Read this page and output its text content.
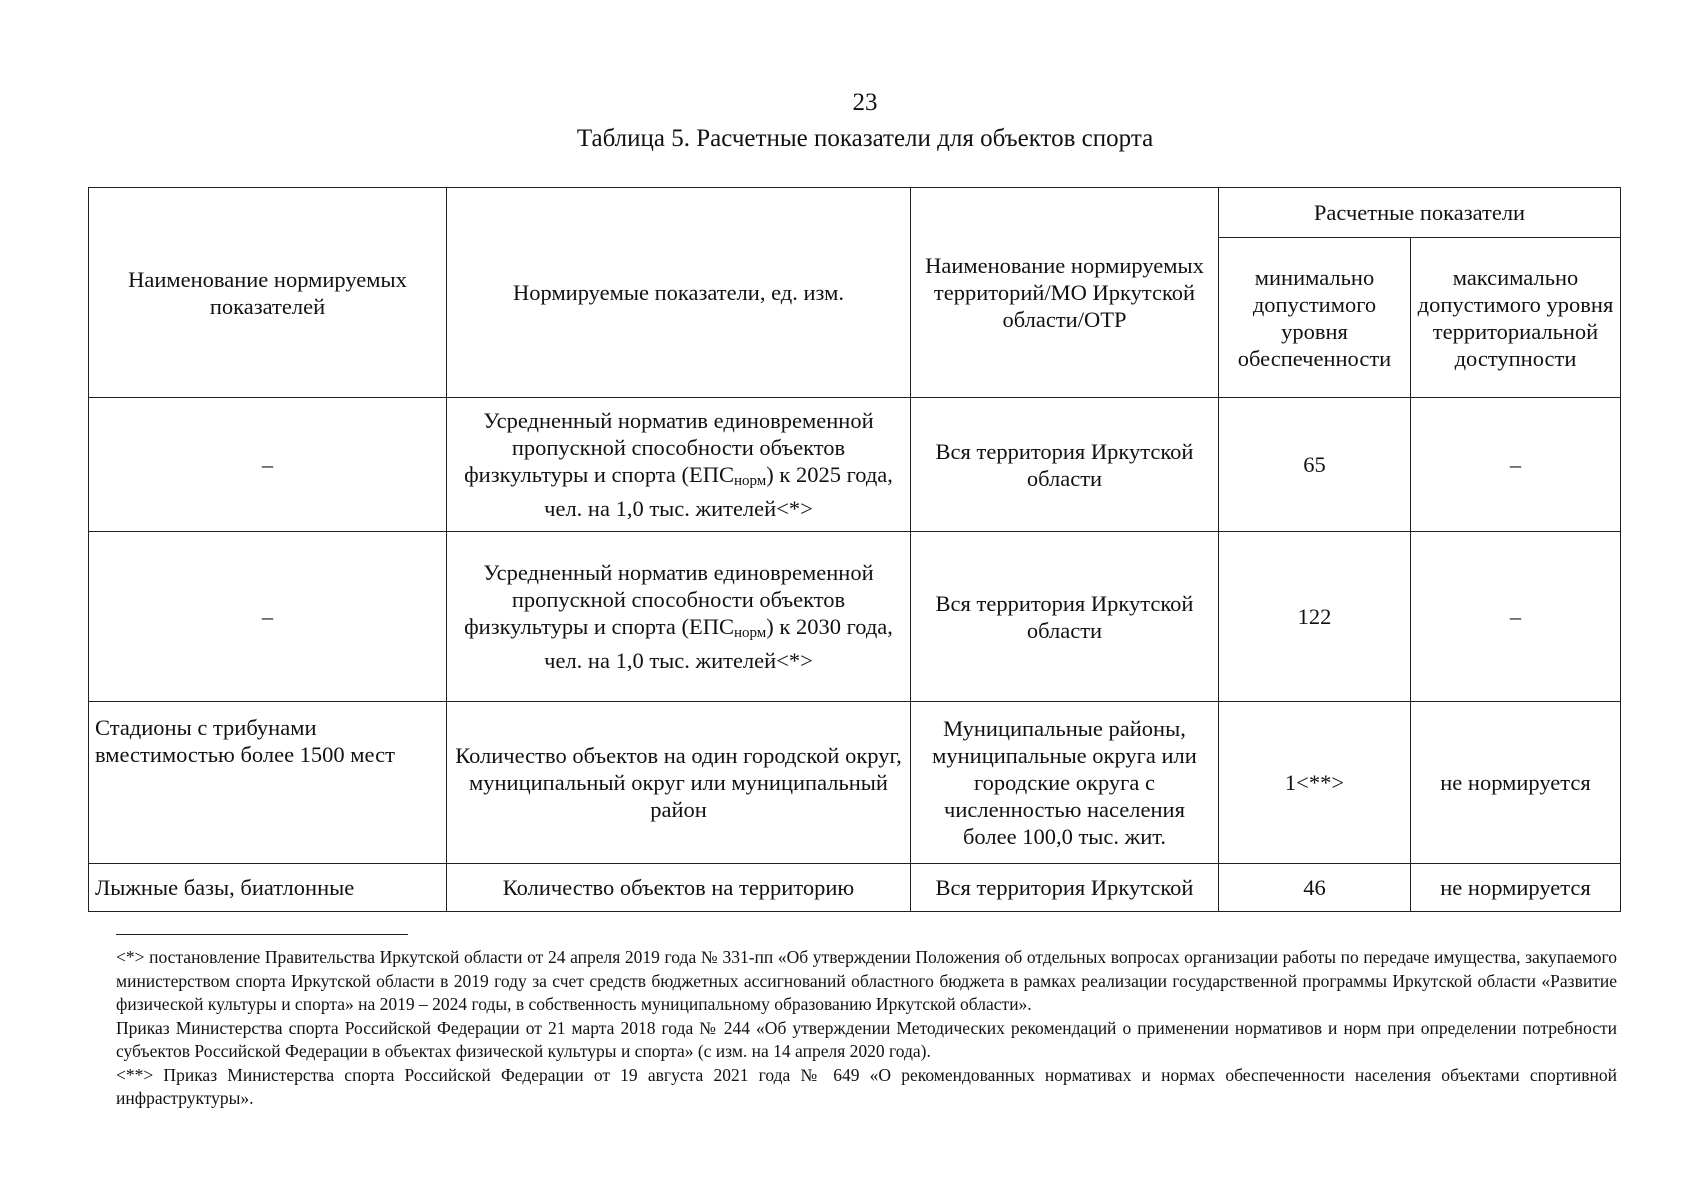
23
Таблица 5. Расчетные показатели для объектов спорта
Наименование нормируемых показателей	Нормируемые показатели, ед. изм.	Наименование нормируемых территорий/МО Иркутской области/ОТР	Расчетные показатели	
			минимально допустимого уровня обеспеченности	максимально допустимого уровня территориальной доступности
–	Усредненный норматив единовременной пропускной способности объектов физкультуры и спорта $(ЕПС_{норм})$ к 2025 года, чел. на 1,0 тыс. жителей<*>	Вся территория Иркутской области	65	–
–	Усредненный норматив единовременной пропускной способности объектов физкультуры и спорта $(ЕПС_{норм})$ к 2030 года, чел. на 1,0 тыс. жителей<*>	Вся территория Иркутской области	122	–
Стадионы с трибунами вместимостью более 1500 мест	Количество объектов на один городской округ, муниципальный округ или муниципальный район	Муниципальные районы, муниципальные округа или городские округа с численностью населения более 100,0 тыс. жит.	1<**>	не нормируется
Лыжные базы, биатлонные	Количество объектов на территорию	Вся территория Иркутской	46	не нормируется

<*> постановление Правительства Иркутской области от 24 апреля 2019 года № 331-пп «Об утверждении Положения об отдельных вопросах организации работы по передаче имущества, закупаемого министерством спорта Иркутской области в 2019 году за счет средств бюджетных ассигнований областного бюджета в рамках реализации государственной программы Иркутской области «Развитие физической культуры и спорта» на 2019 – 2024 годы, в собственность муниципальному образованию Иркутской области».

Приказ Министерства спорта Российской Федерации от 21 марта 2018 года № 244 «Об утверждении Методических рекомендаций о применении нормативов и норм при определении потребности субъектов Российской Федерации в объектах физической культуры и спорта» (с изм. на 14 апреля 2020 года).

<**> Приказ Министерства спорта Российской Федерации от 19 августа 2021 года № 649 «О рекомендованных нормативах и нормах обеспеченности населения объектами спортивной инфраструктуры».
